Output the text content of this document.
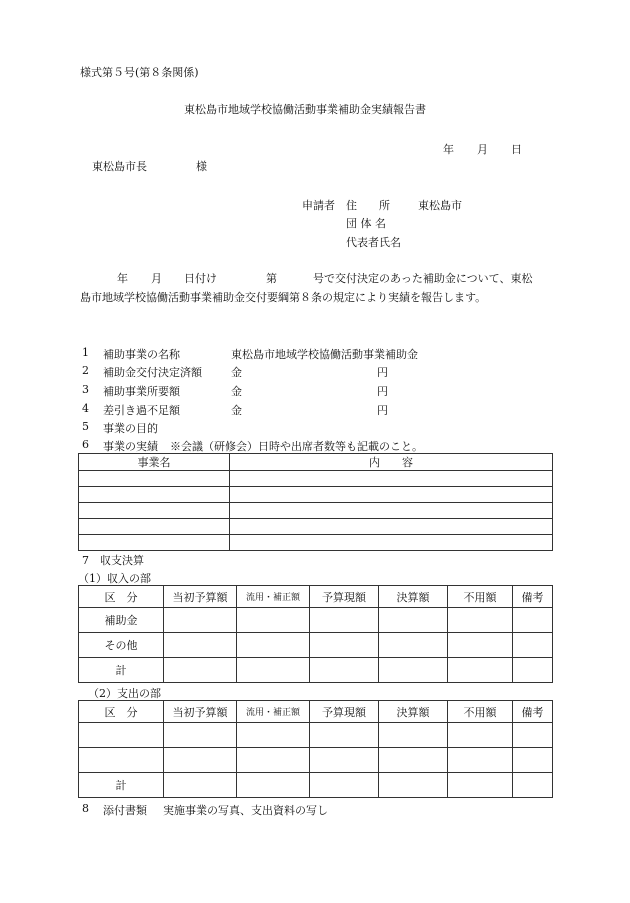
様式第５号(第８条関係)
東松島市地域学校協働活動事業補助金実績報告書
年 月 日
東松島市長	様
申請者 住　　所	東松島市
団 体 名
代表者氏名
年 月 日付け	第	号で交付決定のあった補助金について、東松
島市地域学校協働活動事業補助金交付要綱第８条の規定により実績を報告します。
1 補助事業の名称	東松島市地域学校協働活動事業補助金
2 補助金交付決定済額	金	円
3 補助事業所要額	金	円
4 差引き過不足額	金	円
5 事業の目的
6 事業の実績 ※会議（研修会）日時や出席者数等も記載のこと。
事業名	内　　容

7　収支決算
（1）収入の部
区　分	当初予算額	流用・補正額	予算現額	決算額	不用額	備考
補助金						
その他						
計						
（2）支出の部
区　分	当初予算額	流用・補正額	予算現額	決算額	不用額	備考

計						
8 添付書類 実施事業の写真、支出資料の写し
